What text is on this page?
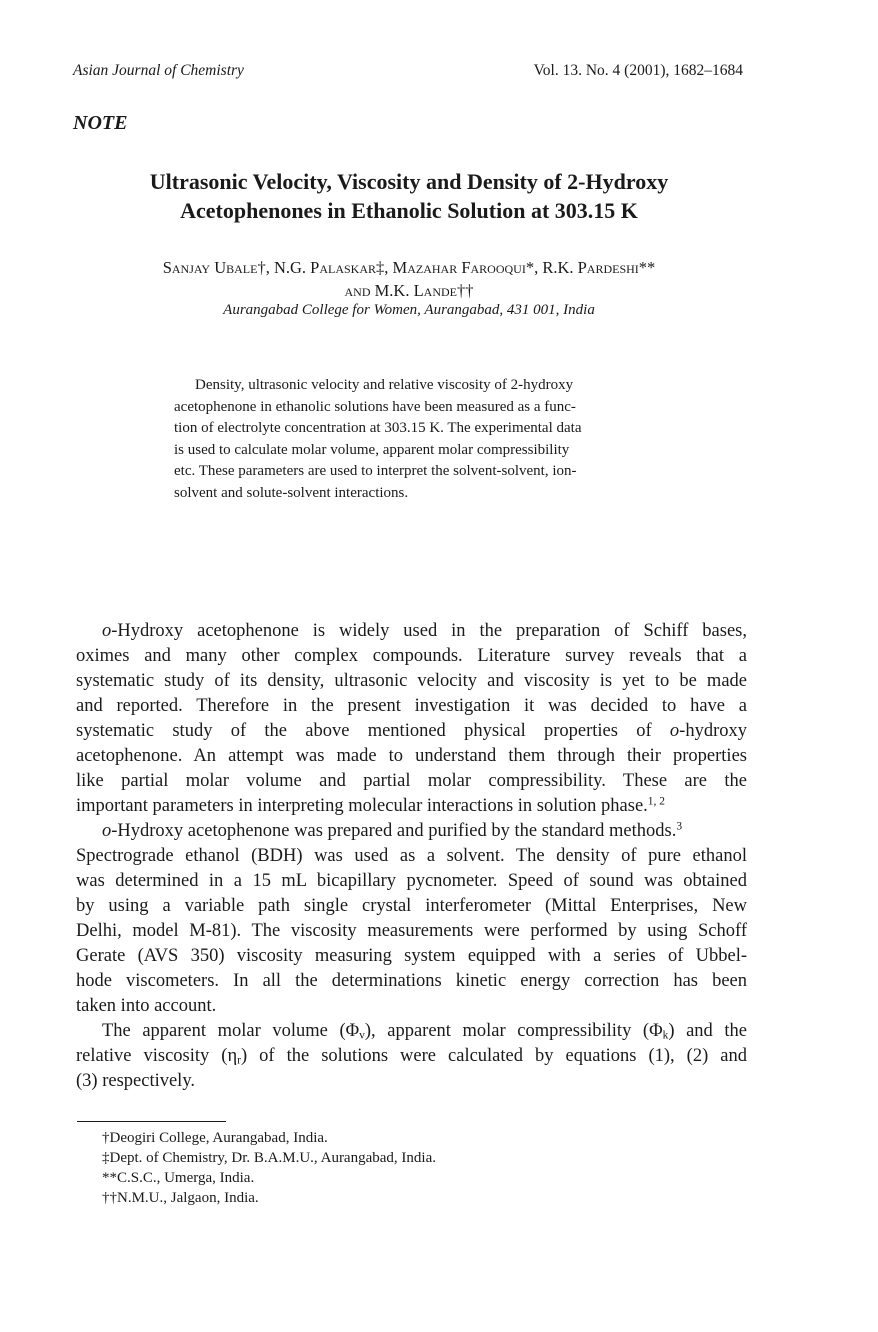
Asian Journal of Chemistry	Vol. 13. No. 4 (2001), 1682–1684
NOTE
Ultrasonic Velocity, Viscosity and Density of 2-Hydroxy
Acetophenones in Ethanolic Solution at 303.15 K
Sanjay Ubale†, N.G. Palaskar‡, Mazahar Farooqui*, R.K. Pardeshi**
and M.K. Lande††
Aurangabad College for Women, Aurangabad, 431 001, India
Density, ultrasonic velocity and relative viscosity of 2-hydroxy
acetophenone in ethanolic solutions have been measured as a func-
tion of electrolyte concentration at 303.15 K. The experimental data
is used to calculate molar volume, apparent molar compressibility
etc. These parameters are used to interpret the solvent-solvent, ion-
solvent and solute-solvent interactions.
o-Hydroxy acetophenone is widely used in the preparation of Schiff bases,
oximes and many other complex compounds. Literature survey reveals that a
systematic study of its density, ultrasonic velocity and viscosity is yet to be made
and reported. Therefore in the present investigation it was decided to have a
systematic study of the above mentioned physical properties of o-hydroxy
acetophenone. An attempt was made to understand them through their properties
like partial molar volume and partial molar compressibility. These are the
important parameters in interpreting molecular interactions in solution phase.$^{1, 2}$
o-Hydroxy acetophenone was prepared and purified by the standard methods.$^3$
Spectrograde ethanol (BDH) was used as a solvent. The density of pure ethanol
was determined in a 15 mL bicapillary pycnometer. Speed of sound was obtained
by using a variable path single crystal interferometer (Mittal Enterprises, New
Delhi, model M-81). The viscosity measurements were performed by using Schoff
Gerate (AVS 350) viscosity measuring system equipped with a series of Ubbel-
hode viscometers. In all the determinations kinetic energy correction has been
taken into account.
The apparent molar volume $(\Phi_v)$, apparent molar compressibility $(\Phi_k)$ and the
relative viscosity $(\eta_r)$ of the solutions were calculated by equations (1), (2) and
(3) respectively.
†Deogiri College, Aurangabad, India.
‡Dept. of Chemistry, Dr. B.A.M.U., Aurangabad, India.
**C.S.C., Umerga, India.
††N.M.U., Jalgaon, India.
